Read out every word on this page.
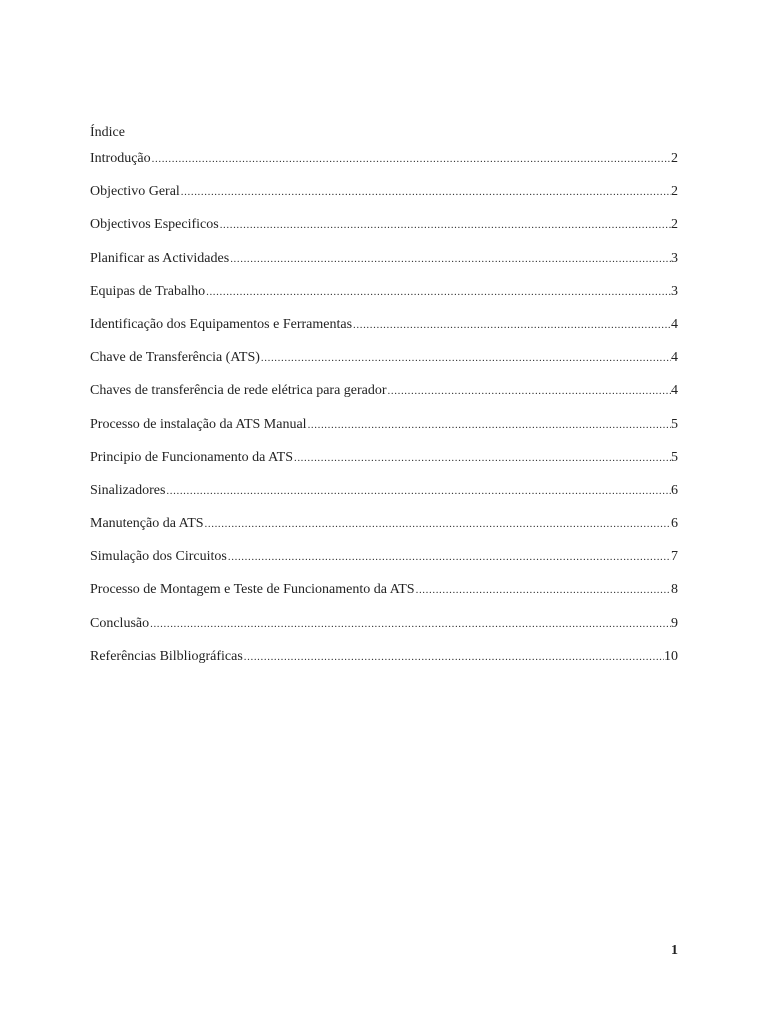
Índice
Introdução .....	2
Objectivo Geral .....	2
Objectivos Especificos .....	2
Planificar as Actividades .....	3
Equipas de Trabalho .....	3
Identificação dos Equipamentos e Ferramentas .....	4
Chave de Transferência (ATS) .....	4
Chaves de transferência de rede elétrica para gerador .....	4
Processo de instalação da ATS Manual .....	5
Principio de Funcionamento da ATS .....	5
Sinalizadores .....	6
Manutenção da ATS .....	6
Simulação dos Circuitos .....	7
Processo de Montagem e Teste de Funcionamento da ATS .....	8
Conclusão .....	9
Referências Bilbliográficas .....	10
1
